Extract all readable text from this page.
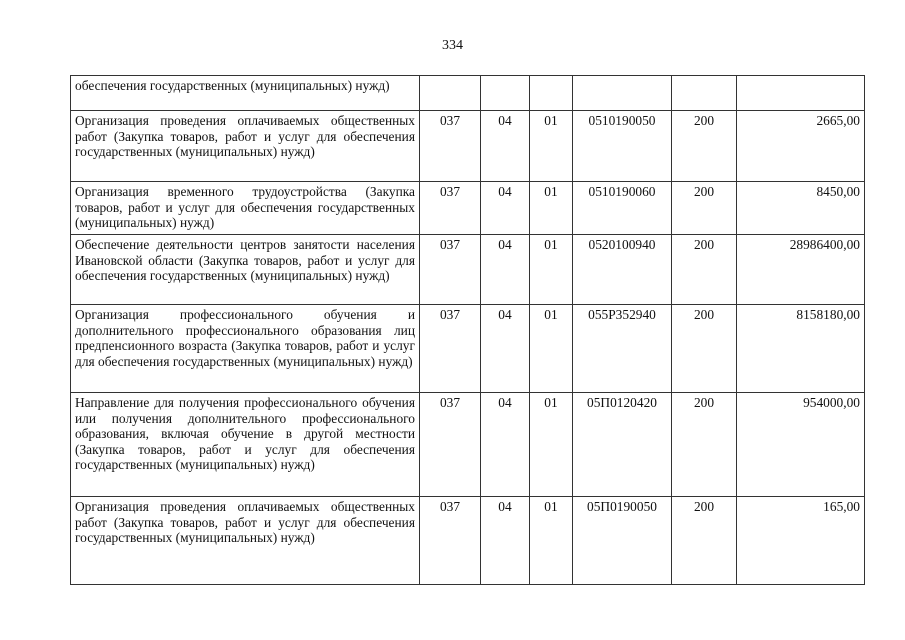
334
обеспечения государственных (муниципальных) нужд)						
Организация проведения оплачиваемых общественных работ (Закупка товаров, работ и услуг для обеспечения государственных (муниципальных) нужд)	037	04	01	0510190050	200	2665,00
Организация временного трудоустройства (Закупка товаров, работ и услуг для обеспечения государственных (муниципальных) нужд)	037	04	01	0510190060	200	8450,00
Обеспечение деятельности центров занятости населения Ивановской области (Закупка товаров, работ и услуг для обеспечения государственных (муниципальных) нужд)	037	04	01	0520100940	200	28986400,00
Организация профессионального обучения и дополнительного профессионального образования лиц предпенсионного возраста (Закупка товаров, работ и услуг для обеспечения государственных (муниципальных) нужд)	037	04	01	055P352940	200	8158180,00
Направление для получения профессионального обучения или получения дополнительного профессионального образования, включая обучение в другой местности (Закупка товаров, работ и услуг для обеспечения государственных (муниципальных) нужд)	037	04	01	05П0120420	200	954000,00
Организация проведения оплачиваемых общественных работ (Закупка товаров, работ и услуг для обеспечения государственных (муниципальных) нужд)	037	04	01	05П0190050	200	165,00
